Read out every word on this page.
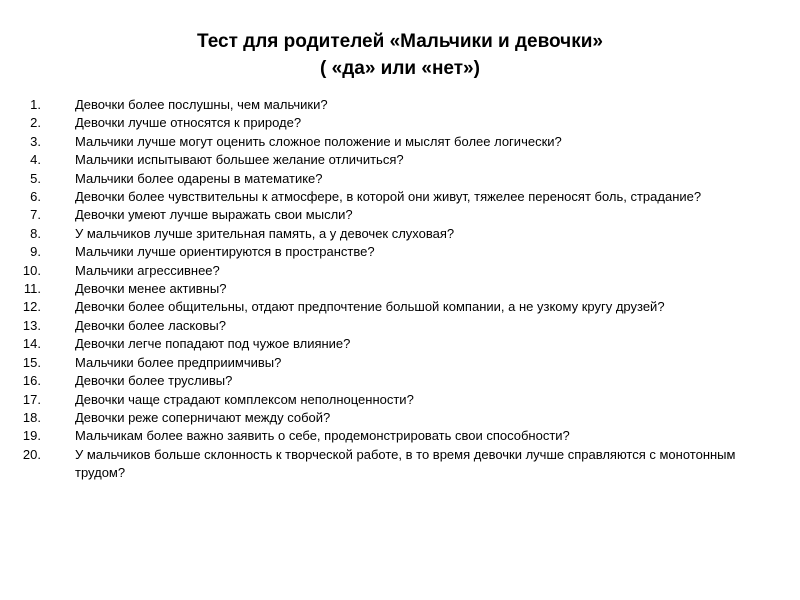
Тест для родителей «Мальчики и девочки»
( «да» или «нет»)
1.	Девочки более послушны, чем мальчики?
2.	Девочки лучше относятся к природе?
3.	Мальчики лучше могут оценить сложное положение и мыслят более логически?
4.	Мальчики испытывают большее желание отличиться?
5.	Мальчики более одарены в математике?
6.	Девочки более чувствительны к атмосфере, в которой они живут, тяжелее переносят боль, страдание?
7.	Девочки умеют лучше выражать свои мысли?
8.	У мальчиков лучше зрительная память, а у девочек слуховая?
9.	Мальчики лучше ориентируются в пространстве?
10.	Мальчики агрессивнее?
11.	Девочки менее активны?
12.	Девочки более общительны, отдают предпочтение большой компании, а не узкому кругу друзей?
13.	Девочки более ласковы?
14.	Девочки легче попадают под чужое влияние?
15.	Мальчики более предприимчивы?
16.	Девочки более трусливы?
17.	Девочки чаще страдают комплексом неполноценности?
18.	Девочки реже соперничают между собой?
19.	Мальчикам более важно заявить о себе, продемонстрировать свои способности?
20.	У мальчиков больше склонность к творческой работе, в то время девочки лучше справляются с монотонным трудом?
